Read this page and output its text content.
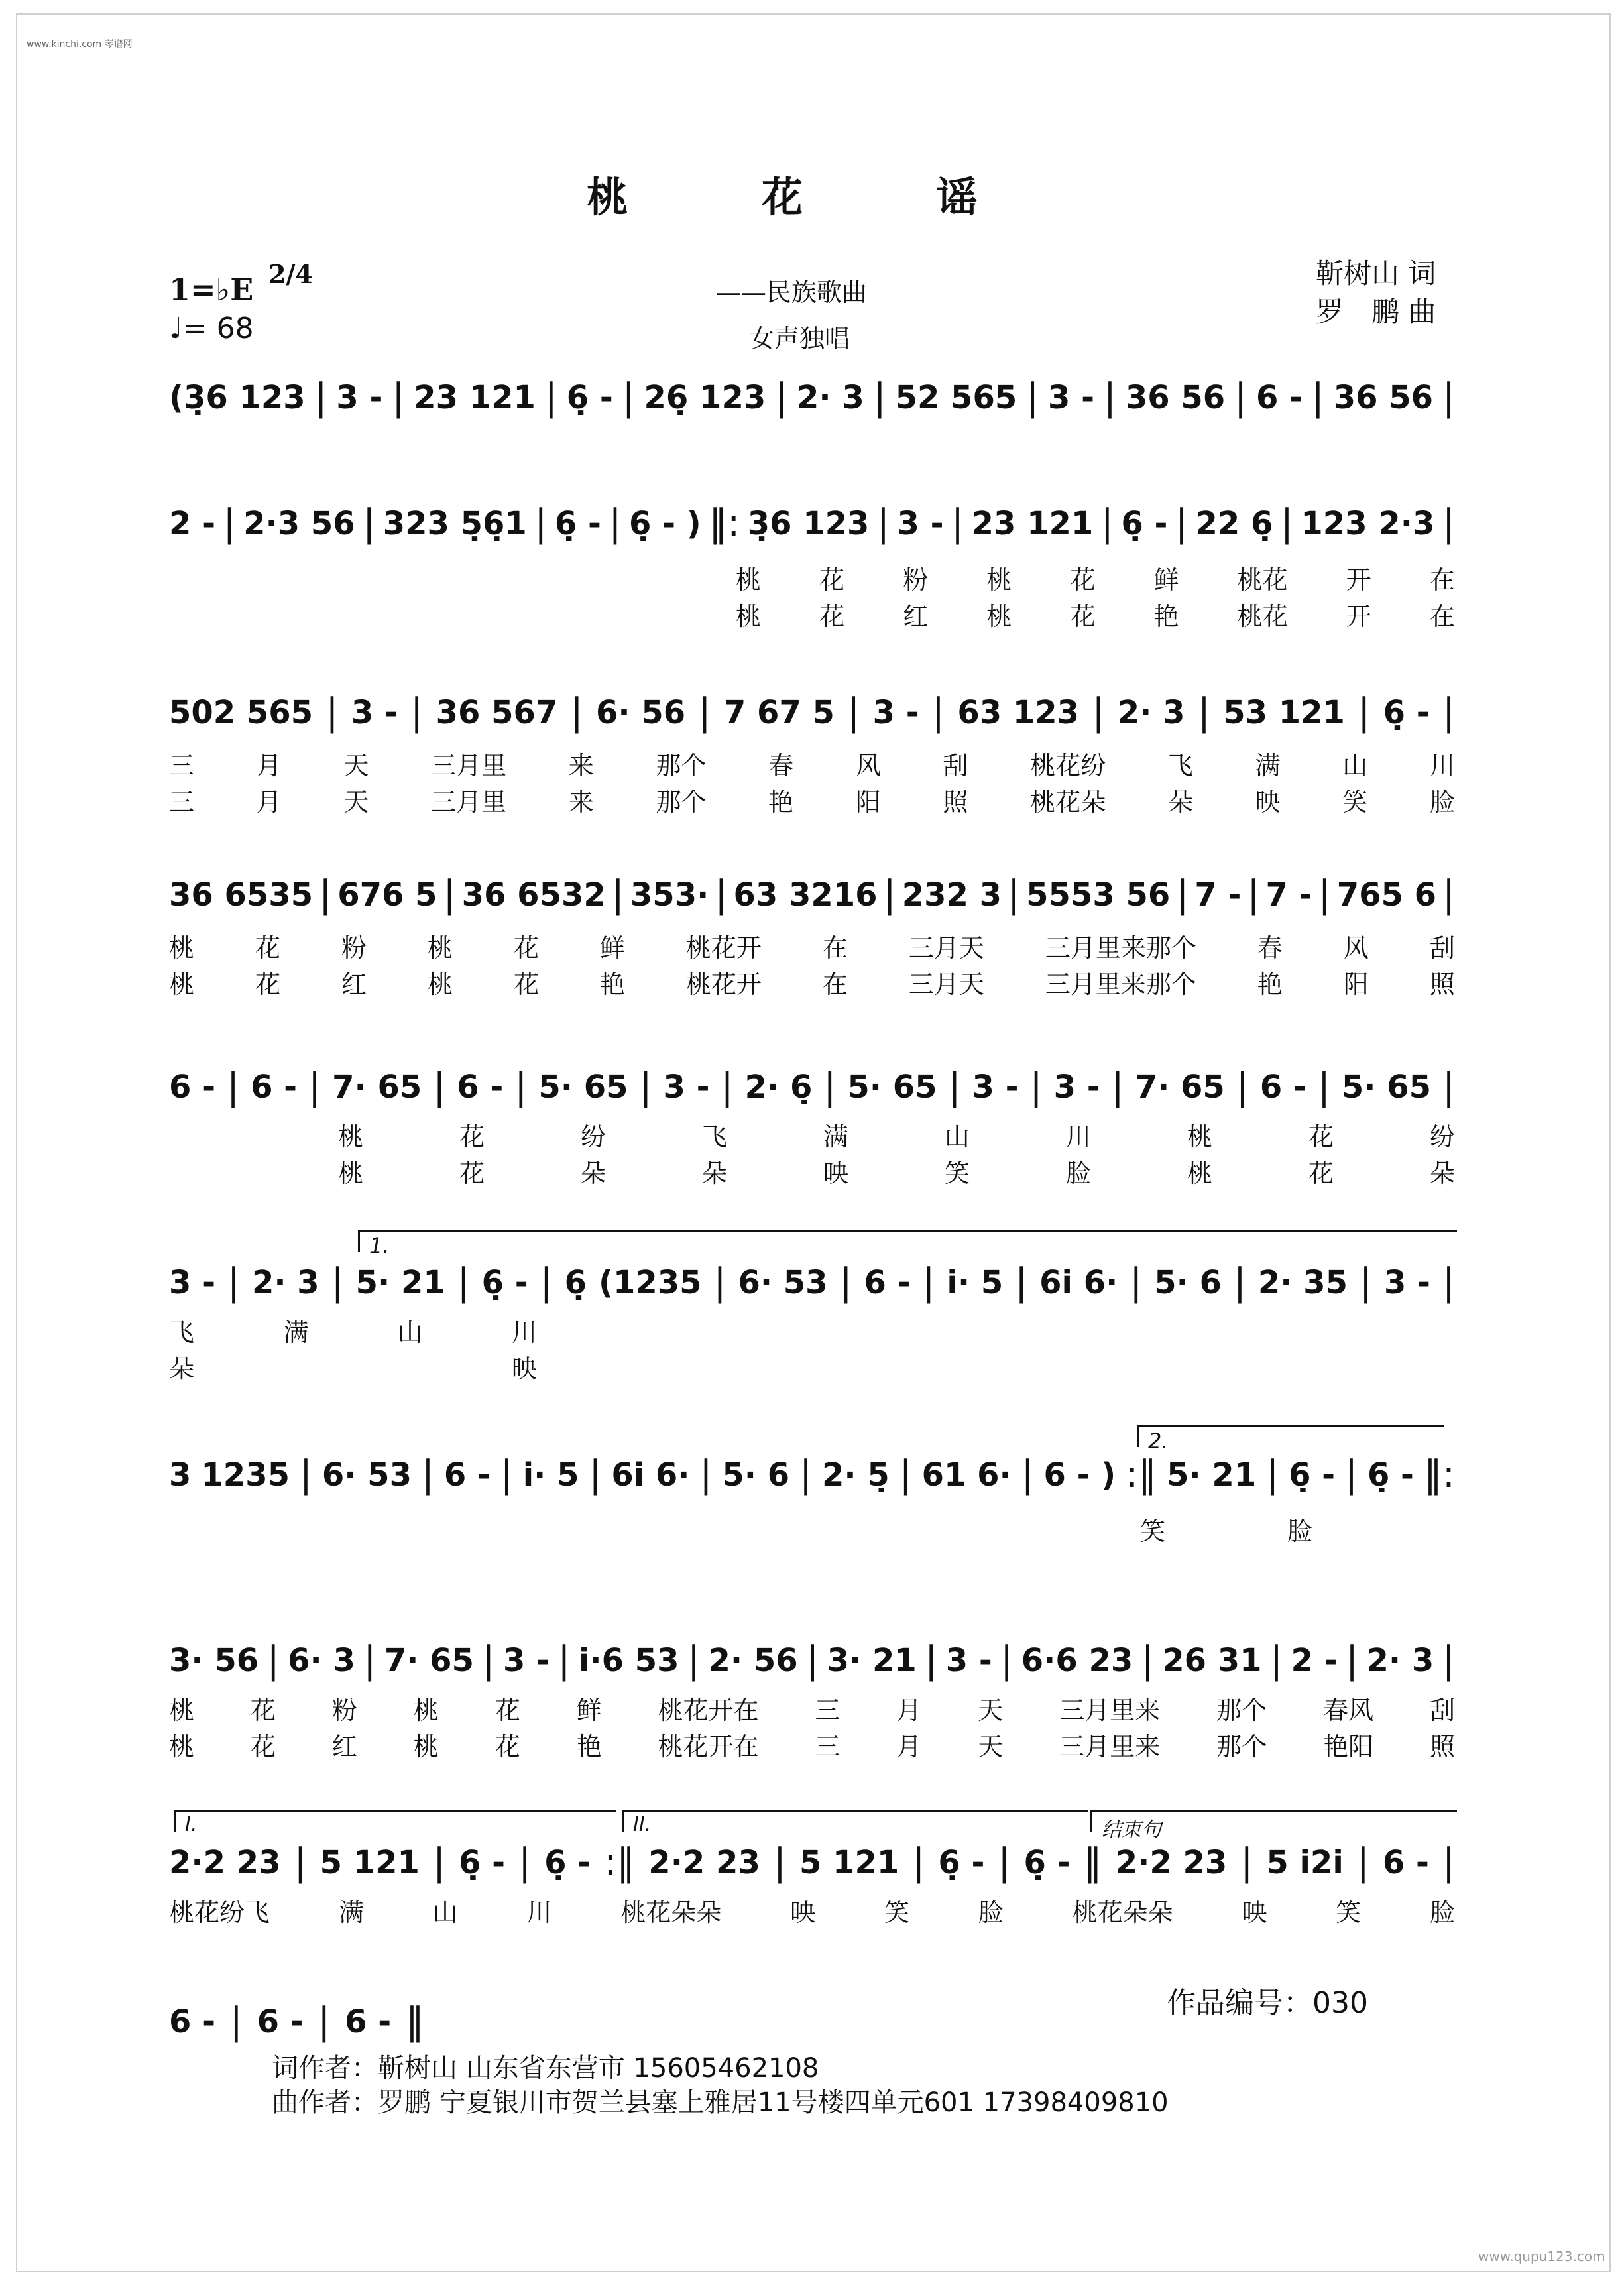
www.kinchi.com 琴谱网
桃 花 谣
1=♭E 2/4
♩= 68
——民族歌曲
女声独唱
靳树山 词
罗　鹏 曲
(3̣6 123 | 3 - | 23 121 | 6̣ - | 26̣ 123 | 2· 3 | 52 565 | 3 - | 36 56 | 6 - | 36 56 |
2 - | 2·3 56 | 323 5̣6̣1 | 6̣ - | 6̣ - ) ‖: 3̣6 123 | 3 - | 23 121 | 6̣ - | 22 6̣ | 123 2·3 |
桃 花 粉 桃 花 鲜 桃花 开 在
桃 花 红 桃 花 艳 桃花 开 在
502 565 | 3 - | 36 567 | 6· 56 | 7 67 5 | 3 - | 63 123 | 2· 3 | 53 121 | 6̣ - |
三 月 天 三月里 来 那个 春 风 刮 桃花纷 飞 满 山 川
三 月 天 三月里 来 那个 艳 阳 照 桃花朵 朵 映 笑 脸
36 6535 | 676 5 | 36 6532 | 353· | 63 3216 | 232 3 | 5553 56 | 7 - | 7 - | 765 6 |
桃 花 粉 桃 花 鲜 桃花开 在 三月天 三月里来那个 春 风 刮
桃 花 红 桃 花 艳 桃花开 在 三月天 三月里来那个 艳 阳 照
6 - | 6 - | 7· 65 | 6 - | 5· 65 | 3 - | 2· 6̣ | 5· 65 | 3 - | 3 - | 7· 65 | 6 - | 5· 65 |
桃	花	纷	飞	满	山	川	桃	花	纷
桃	花	朵	朵	映	笑	脸	桃	花	朵
3 - | 2· 3 | 5· 21 | 6̣ - | 6̣ (1235 | 6· 53 | 6 - | i· 5 | 6i 6· | 5· 6 | 2· 35 | 3 - |
飞	满	山	川
朵	映
1.
3 1235 | 6· 53 | 6 - | i· 5 | 6i 6· | 5· 6 | 2· 5̣ | 61 6· | 6 - ) :‖ 5· 21 | 6̣ - | 6̣ - ‖:
笑	脸
2.
3· 56 | 6· 3 | 7· 65 | 3 - | i·6 53 | 2· 56 | 3· 21 | 3 - | 6·6 23 | 26 31 | 2 - | 2· 3 |
桃 花 粉 桃 花 鲜 桃花开在 三 月 天 三月里来 那个 春风 刮
桃 花 红 桃 花 艳 桃花开在 三 月 天 三月里来 那个 艳阳 照
2·2 23 | 5 121 | 6̣ - | 6̣ - :‖ 2·2 23 | 5 121 | 6̣ - | 6̣ - ‖ 2·2 23 | 5 i2i | 6 - |
桃花纷飞	满	山	川	桃花朵朵	映	笑	脸	桃花朵朵	映	笑	脸
I.	II.	结束句
6 - | 6 - | 6 - ‖	作品编号：030
词作者：靳树山 山东省东营市 15605462108
曲作者：罗鹏 宁夏银川市贺兰县塞上雅居11号楼四单元601 17398409810
www.qupu123.com
